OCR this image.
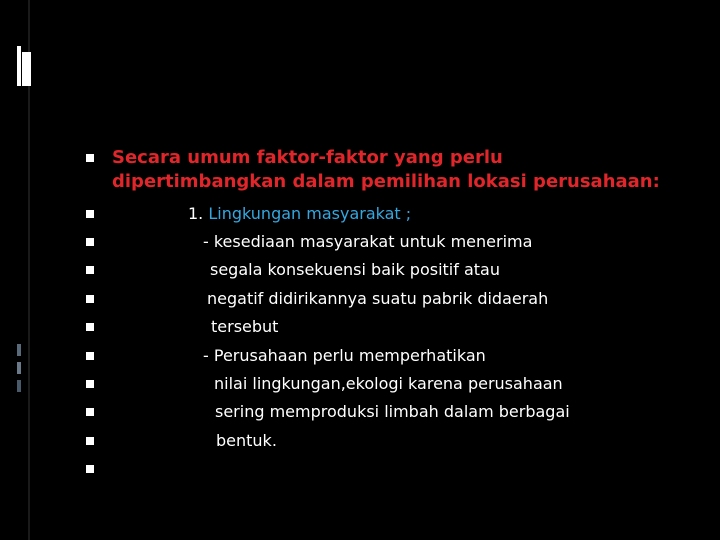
Secara umum faktor-faktor yang perlu
dipertimbangkan dalam pemilihan lokasi perusahaan:
1. Lingkungan masyarakat ;
- kesediaan masyarakat untuk menerima
segala konsekuensi baik positif atau
negatif didirikannya suatu pabrik didaerah
tersebut
- Perusahaan perlu memperhatikan
nilai lingkungan,ekologi karena perusahaan
sering memproduksi limbah dalam berbagai
bentuk.
